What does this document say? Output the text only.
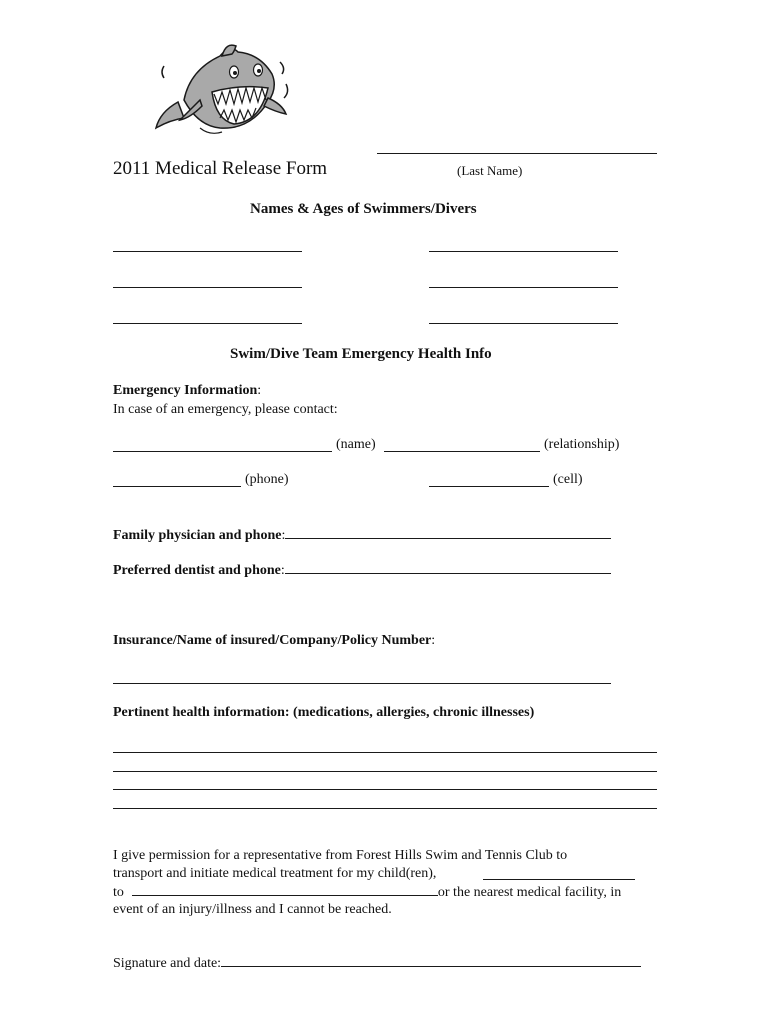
2011 Medical Release Form	(Last Name)
Names & Ages of Swimmers/Divers
Swim/Dive Team Emergency Health Info
Emergency Information:
In case of an emergency, please contact:
(name)	(relationship)
(phone)	(cell)
Family physician and phone:
Preferred dentist and phone:
Insurance/Name of insured/Company/Policy Number:
Pertinent health information: (medications, allergies, chronic illnesses)
I give permission for a representative from Forest Hills Swim and Tennis Club to
transport and initiate medical treatment for my child(ren),
to	or the nearest medical facility, in
event of an injury/illness and I cannot be reached.
Signature and date:
